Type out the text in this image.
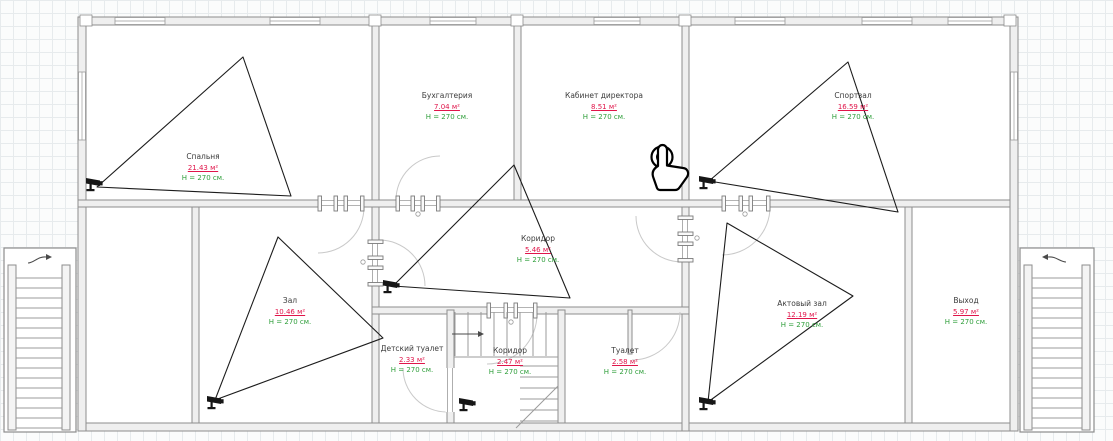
Спальня
21.43 м²
H = 270 см.
Бухгалтерия
7.04 м²
H = 270 см.
Кабинет директора
8.51 м²
H = 270 см.
Спортзал
16.59 м²
H = 270 см.
Коридор
5.46 м²
H = 270 см.
Зал
10.46 м²
H = 270 см.
Детский туалет
2.33 м²
H = 270 см.
Коридор
2.47 м²
H = 270 см.
Туалет
2.58 м²
H = 270 см.
Актовый зал
12.19 м²
H = 270 см.
Выход
5.97 м²
H = 270 см.
